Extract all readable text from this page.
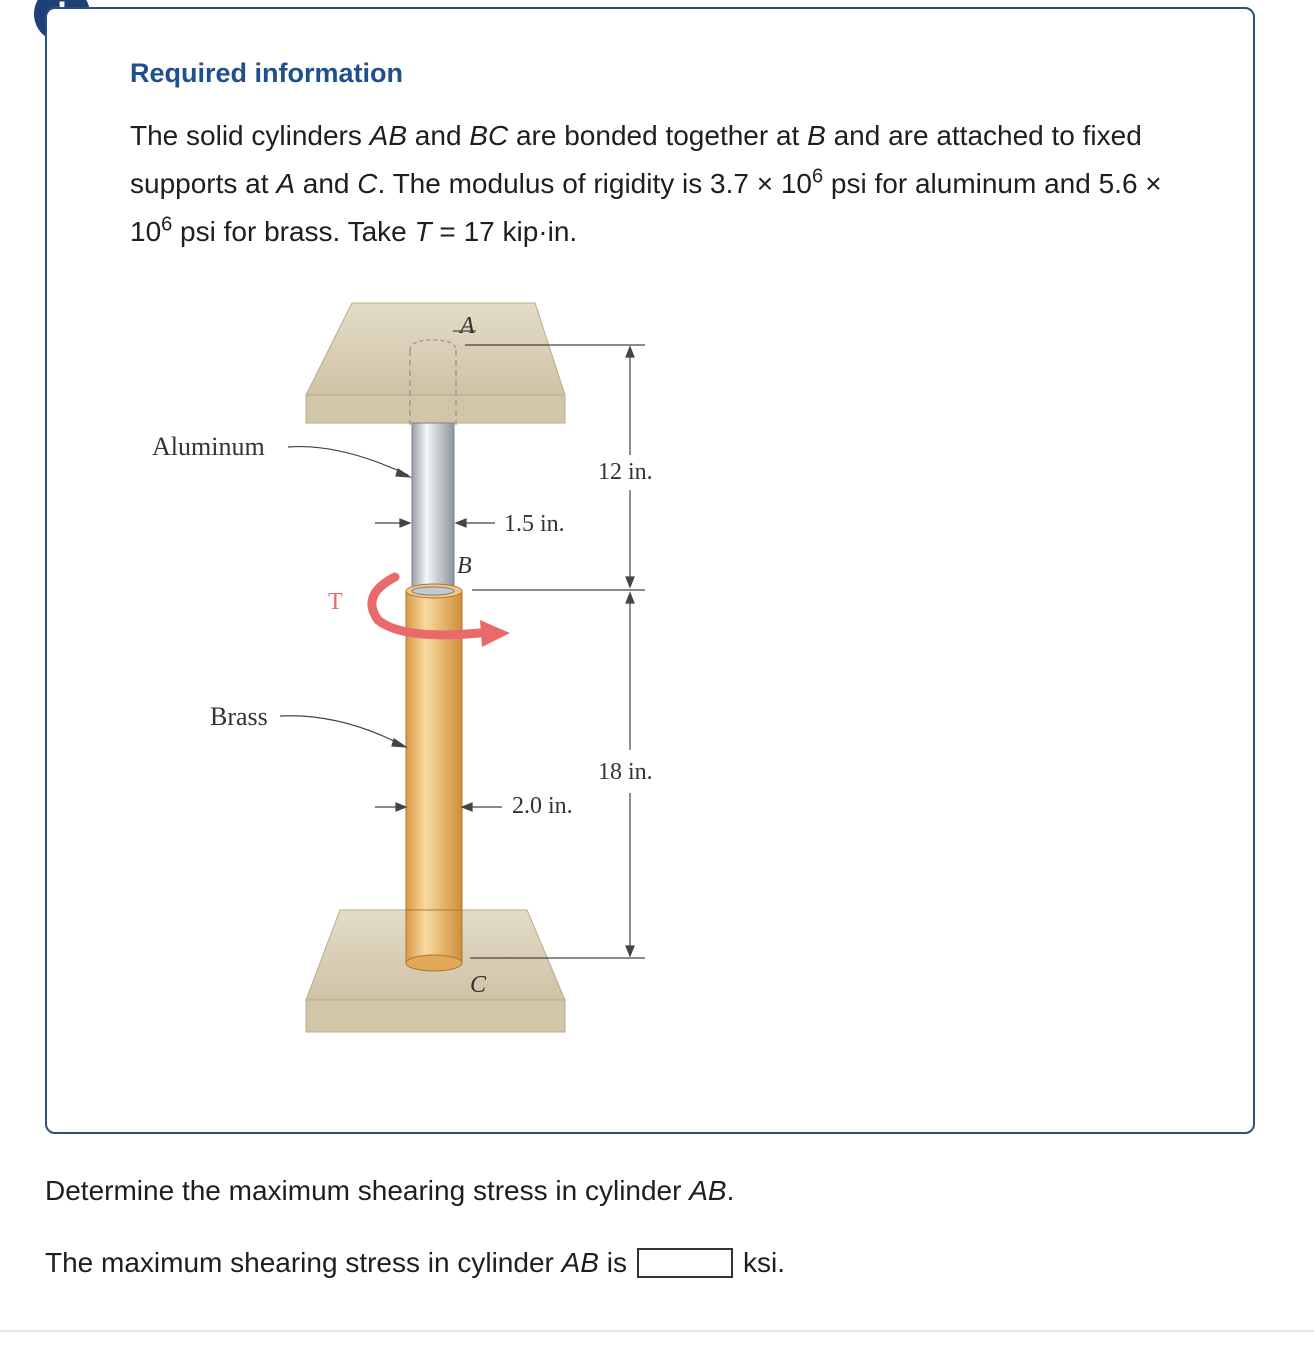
Required information
The solid cylinders AB and BC are bonded together at B and are attached to fixed supports at A and C. The modulus of rigidity is $3.7 \times 10^6$ psi for aluminum and $5.6 \times 10^6$ psi for brass. Take T = 17 kip·in.
A
B
C
T
Aluminum
Brass
12 in.
18 in.
1.5 in.
2.0 in.
Determine the maximum shearing stress in cylinder AB.
The maximum shearing stress in cylinder AB is	ksi.
